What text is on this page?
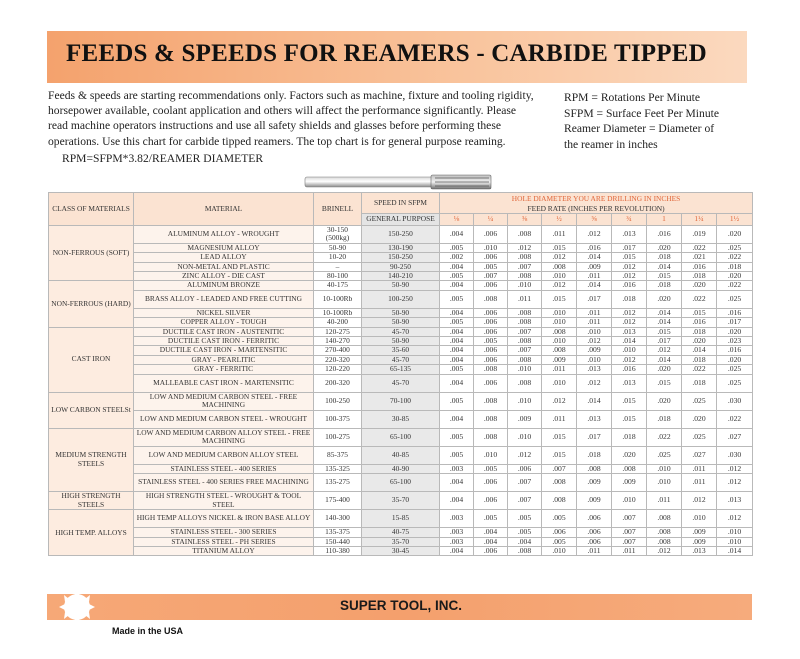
FEEDS & SPEEDS FOR REAMERS - CARBIDE TIPPED
Feeds & speeds are starting recommendations only. Factors such as machine, fixture and tooling rigidity, horsepower available, coolant application and others will affect the performance significantly. Please read machine operators instructions and use all safety shields and glasses before performing these operations. Use this chart for carbide tipped reamers. The top chart is for general purpose reaming.
RPM=SFPM*3.82/REAMER DIAMETER
RPM = Rotations Per Minute
SFPM = Surface Feet Per Minute
Reamer Diameter = Diameter of
the reamer in inches
CLASS OF MATERIALS	MATERIAL	BRINELL	SPEED IN SFPM	HOLE DIAMETER YOU ARE DRILLING IN INCHES								
				FEED RATE (INCHES PER REVOLUTION)								
			GENERAL PURPOSE	⅛	¼	⅜	½	⅝	¾	1	1¼	1½
NON-FERROUS (SOFT)	ALUMINUM ALLOY - WROUGHT	30-150 (500kg)	150-250	.004	.006	.008	.011	.012	.013	.016	.019	.020
	MAGNESIUM ALLOY	50-90	130-190	.005	.010	.012	.015	.016	.017	.020	.022	.025
	LEAD ALLOY	10-20	150-250	.002	.006	.008	.012	.014	.015	.018	.021	.022
	NON-METAL AND PLASTIC	–	90-250	.004	.005	.007	.008	.009	.012	.014	.016	.018
	ZINC ALLOY - DIE CAST	80-100	140-210	.005	.007	.008	.010	.011	.012	.015	.018	.020
NON-FERROUS (HARD)	ALUMINUM BRONZE	40-175	50-90	.004	.006	.010	.012	.014	.016	.018	.020	.022
	BRASS ALLOY - LEADED AND FREE CUTTING	10-100Rb	100-250	.005	.008	.011	.015	.017	.018	.020	.022	.025
	NICKEL SILVER	10-100Rb	50-90	.004	.006	.008	.010	.011	.012	.014	.015	.016
	COPPER ALLOY - TOUGH	40-200	50-90	.005	.006	.008	.010	.011	.012	.014	.016	.017
CAST IRON	DUCTILE CAST IRON - AUSTENITIC	120-275	45-70	.004	.006	.007	.008	.010	.013	.015	.018	.020
	DUCTILE CAST IRON - FERRITIC	140-270	50-90	.004	.005	.008	.010	.012	.014	.017	.020	.023
	DUCTILE CAST IRON - MARTENSITIC	270-400	35-60	.004	.006	.007	.008	.009	.010	.012	.014	.016
	GRAY - PEARLITIC	220-320	45-70	.004	.006	.008	.009	.010	.012	.014	.018	.020
	GRAY - FERRITIC	120-220	65-135	.005	.008	.010	.011	.013	.016	.020	.022	.025
	MALLEABLE CAST IRON - MARTENSITIC	200-320	45-70	.004	.006	.008	.010	.012	.013	.015	.018	.025
LOW CARBON STEELSt	LOW AND MEDIUM CARBON STEEL - FREE MACHINING	100-250	70-100	.005	.008	.010	.012	.014	.015	.020	.025	.030
	LOW AND MEDIUM CARBON STEEL - WROUGHT	100-375	30-85	.004	.008	.009	.011	.013	.015	.018	.020	.022
MEDIUM STRENGTH STEELS	LOW AND MEDIUM CARBON ALLOY STEEL - FREE MACHINING	100-275	65-100	.005	.008	.010	.015	.017	.018	.022	.025	.027
	LOW AND MEDIUM CARBON ALLOY STEEL	85-375	40-85	.005	.010	.012	.015	.018	.020	.025	.027	.030
	STAINLESS STEEL - 400 SERIES	135-325	40-90	.003	.005	.006	.007	.008	.008	.010	.011	.012
	STAINLESS STEEL - 400 SERIES FREE MACHINING	135-275	65-100	.004	.006	.007	.008	.009	.009	.010	.011	.012
HIGH STRENGTH STEELS	HIGH STRENGTH STEEL - WROUGHT & TOOL STEEL	175-400	35-70	.004	.006	.007	.008	.009	.010	.011	.012	.013
HIGH TEMP. ALLOYS	HIGH TEMP ALLOYS NICKEL & IRON BASE ALLOY	140-300	15-85	.003	.005	.005	.005	.006	.007	.008	.010	.012
	STAINLESS STEEL - 300 SERIES	135-375	40-75	.003	.004	.005	.006	.006	.007	.008	.009	.010
	STAINLESS STEEL - PH SERIES	150-440	35-70	.003	.004	.004	.005	.006	.007	.008	.009	.010
	TITANIUM ALLOY	110-380	30-45	.004	.006	.008	.010	.011	.011	.012	.013	.014
SUPER TOOL, INC.
Made in the USA
